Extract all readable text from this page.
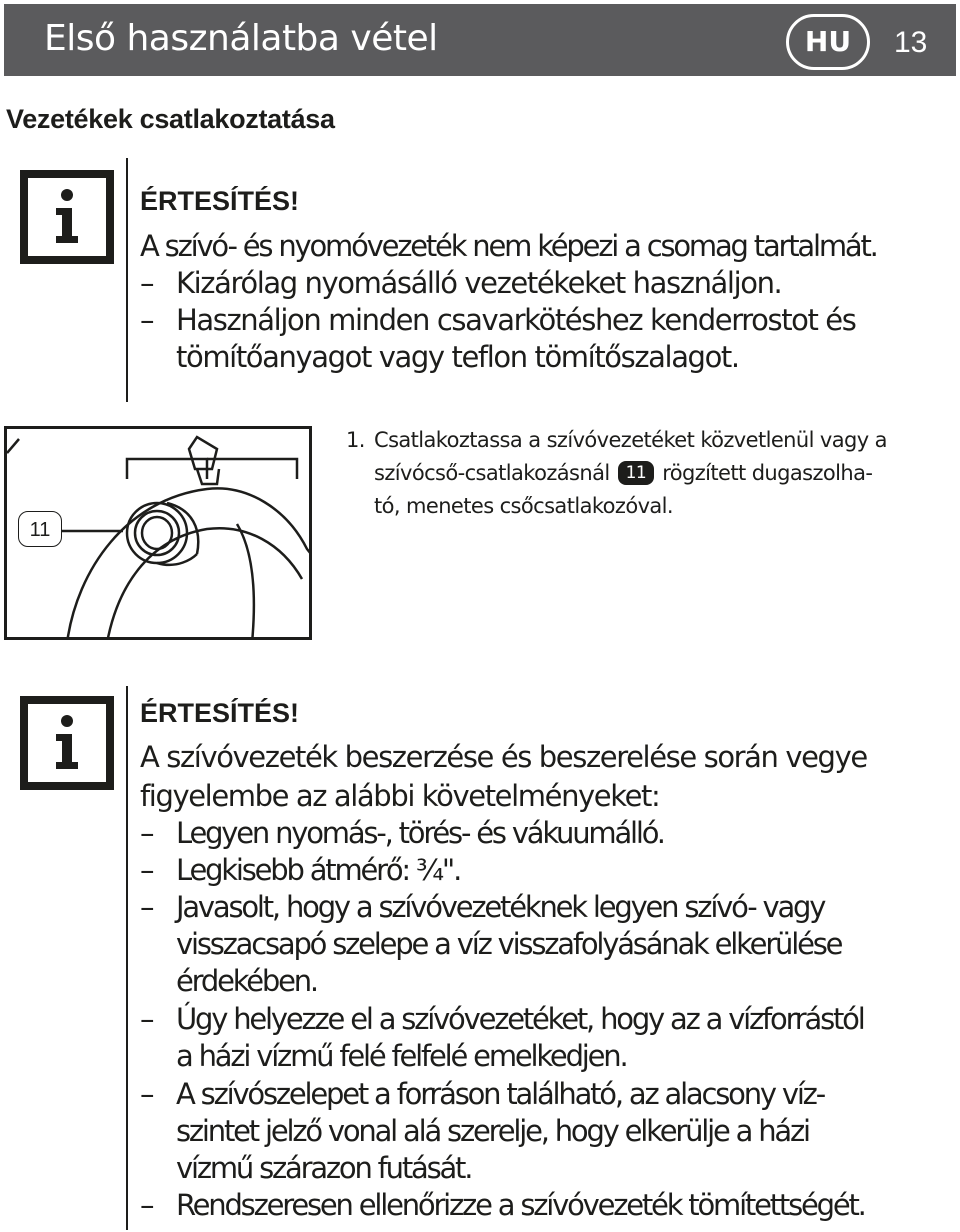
Első használatba vétel	HU	13
Vezetékek csatlakoztatása
ÉRTESÍTÉS!
A szívó- és nyomóvezeték nem képezi a csomag tartalmát.
– Kizárólag nyomásálló vezetékeket használjon.
– Használjon minden csavarkötéshez kenderrostot és
tömítőanyagot vagy teflon tömítőszalagot.
11
1. Csatlakoztassa a szívóvezetéket közvetlenül vagy a
szívócső-csatlakozásnál 11 rögzített dugaszolha-
tó, menetes csőcsatlakozóval.
ÉRTESÍTÉS!
A szívóvezeték beszerzése és beszerelése során vegye
figyelembe az alábbi követelményeket:
– Legyen nyomás-, törés- és vákuumálló.
– Legkisebb átmérő: ¾".
– Javasolt, hogy a szívóvezetéknek legyen szívó- vagy
visszacsapó szelepe a víz visszafolyásának elkerülése
érdekében.
– Úgy helyezze el a szívóvezetéket, hogy az a vízforrástól
a házi vízmű felé felfelé emelkedjen.
– A szívószelepet a forráson található, az alacsony víz-
szintet jelző vonal alá szerelje, hogy elkerülje a házi
vízmű szárazon futását.
– Rendszeresen ellenőrizze a szívóvezeték tömítettségét.
